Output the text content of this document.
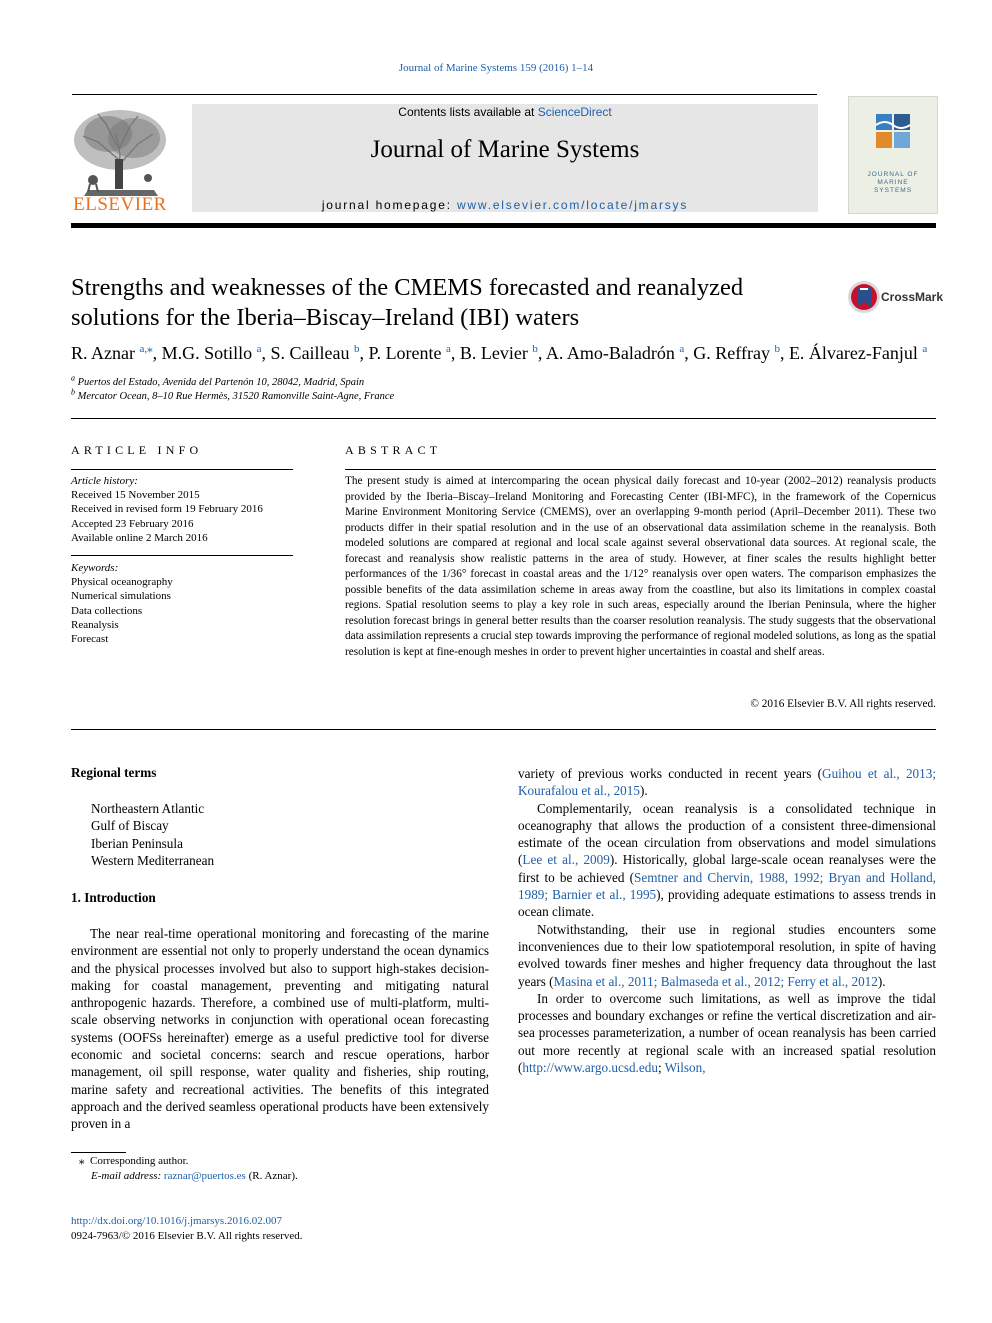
Journal of Marine Systems 159 (2016) 1–14
ELSEVIER
Contents lists available at ScienceDirect
Journal of Marine Systems
journal homepage: www.elsevier.com/locate/jmarsys
JOURNAL OF
MARINE
SYSTEMS
Strengths and weaknesses of the CMEMS forecasted and reanalyzed
solutions for the Iberia–Biscay–Ireland (IBI) waters
CrossMark
R. Aznar $^{a,⁎}$, M.G. Sotillo $^a$, S. Cailleau $^b$, P. Lorente $^a$, B. Levier $^b$, A. Amo-Baladrón $^a$, G. Reffray $^b$, E. Álvarez-Fanjul $^a$
$^a$ Puertos del Estado, Avenida del Partenón 10, 28042, Madrid, Spain
$^b$ Mercator Ocean, 8–10 Rue Hermès, 31520 Ramonville Saint-Agne, France
ARTICLE INFO
Article history:
Received 15 November 2015
Received in revised form 19 February 2016
Accepted 23 February 2016
Available online 2 March 2016
Keywords:
Physical oceanography
Numerical simulations
Data collections
Reanalysis
Forecast
ABSTRACT
The present study is aimed at intercomparing the ocean physical daily forecast and 10-year (2002–2012) reanalysis products provided by the Iberia–Biscay–Ireland Monitoring and Forecasting Center (IBI-MFC), in the framework of the Copernicus Marine Environment Monitoring Service (CMEMS), over an overlapping 9-month period (April–December 2011). These two products differ in their spatial resolution and in the use of an observational data assimilation scheme in the reanalysis. Both modeled solutions are compared at regional and local scale against several observational data sources. At regional scale, the forecast and reanalysis show realistic patterns in the area of study. However, at finer scales the results highlight better performances of the 1/36° forecast in coastal areas and the 1/12° reanalysis over open waters. The comparison emphasizes the possible benefits of the data assimilation scheme in areas away from the coastline, but also its limitations in complex coastal regions. Spatial resolution seems to play a key role in such areas, especially around the Iberian Peninsula, where the higher resolution forecast brings in general better results than the coarser resolution reanalysis. The study suggests that the observational data assimilation represents a crucial step towards improving the performance of regional modeled solutions, as long as the spatial resolution is kept at fine-enough meshes in order to prevent higher uncertainties in coastal and shelf areas.
© 2016 Elsevier B.V. All rights reserved.
Regional terms
Northeastern Atlantic
Gulf of Biscay
Iberian Peninsula
Western Mediterranean
1. Introduction

The near real-time operational monitoring and forecasting of the marine environment are essential not only to properly understand the ocean dynamics and the physical processes involved but also to support high-stakes decision-making for coastal management, preventing and mitigating natural anthropogenic hazards. Therefore, a combined use of multi-platform, multi-scale observing networks in conjunction with operational ocean forecasting systems (OOFSs hereinafter) emerge as a useful predictive tool for diverse economic and societal concerns: search and rescue operations, harbor management, oil spill response, water quality and fisheries, ship routing, marine safety and recreational activities. The benefits of this integrated approach and the derived seamless operational products have been extensively proven in a

variety of previous works conducted in recent years (Guihou et al., 2013; Kourafalou et al., 2015).

Complementarily, ocean reanalysis is a consolidated technique in oceanography that allows the production of a consistent three-dimensional estimate of the ocean circulation from observations and model simulations (Lee et al., 2009). Historically, global large-scale ocean reanalyses were the first to be achieved (Semtner and Chervin, 1988, 1992; Bryan and Holland, 1989; Barnier et al., 1995), providing adequate estimations to assess trends in ocean climate.

Notwithstanding, their use in regional studies encounters some inconveniences due to their low spatiotemporal resolution, in spite of having evolved towards finer meshes and higher frequency data throughout the last years (Masina et al., 2011; Balmaseda et al., 2012; Ferry et al., 2012).

In order to overcome such limitations, as well as improve the tidal processes and boundary exchanges or refine the vertical discretization and air-sea processes parameterization, a number of ocean reanalysis has been carried out more recently at regional scale with an increased spatial resolution (http://www.argo.ucsd.edu; Wilson,

⁎ Corresponding author.
E-mail address: raznar@puertos.es (R. Aznar).
http://dx.doi.org/10.1016/j.jmarsys.2016.02.007
0924-7963/© 2016 Elsevier B.V. All rights reserved.
